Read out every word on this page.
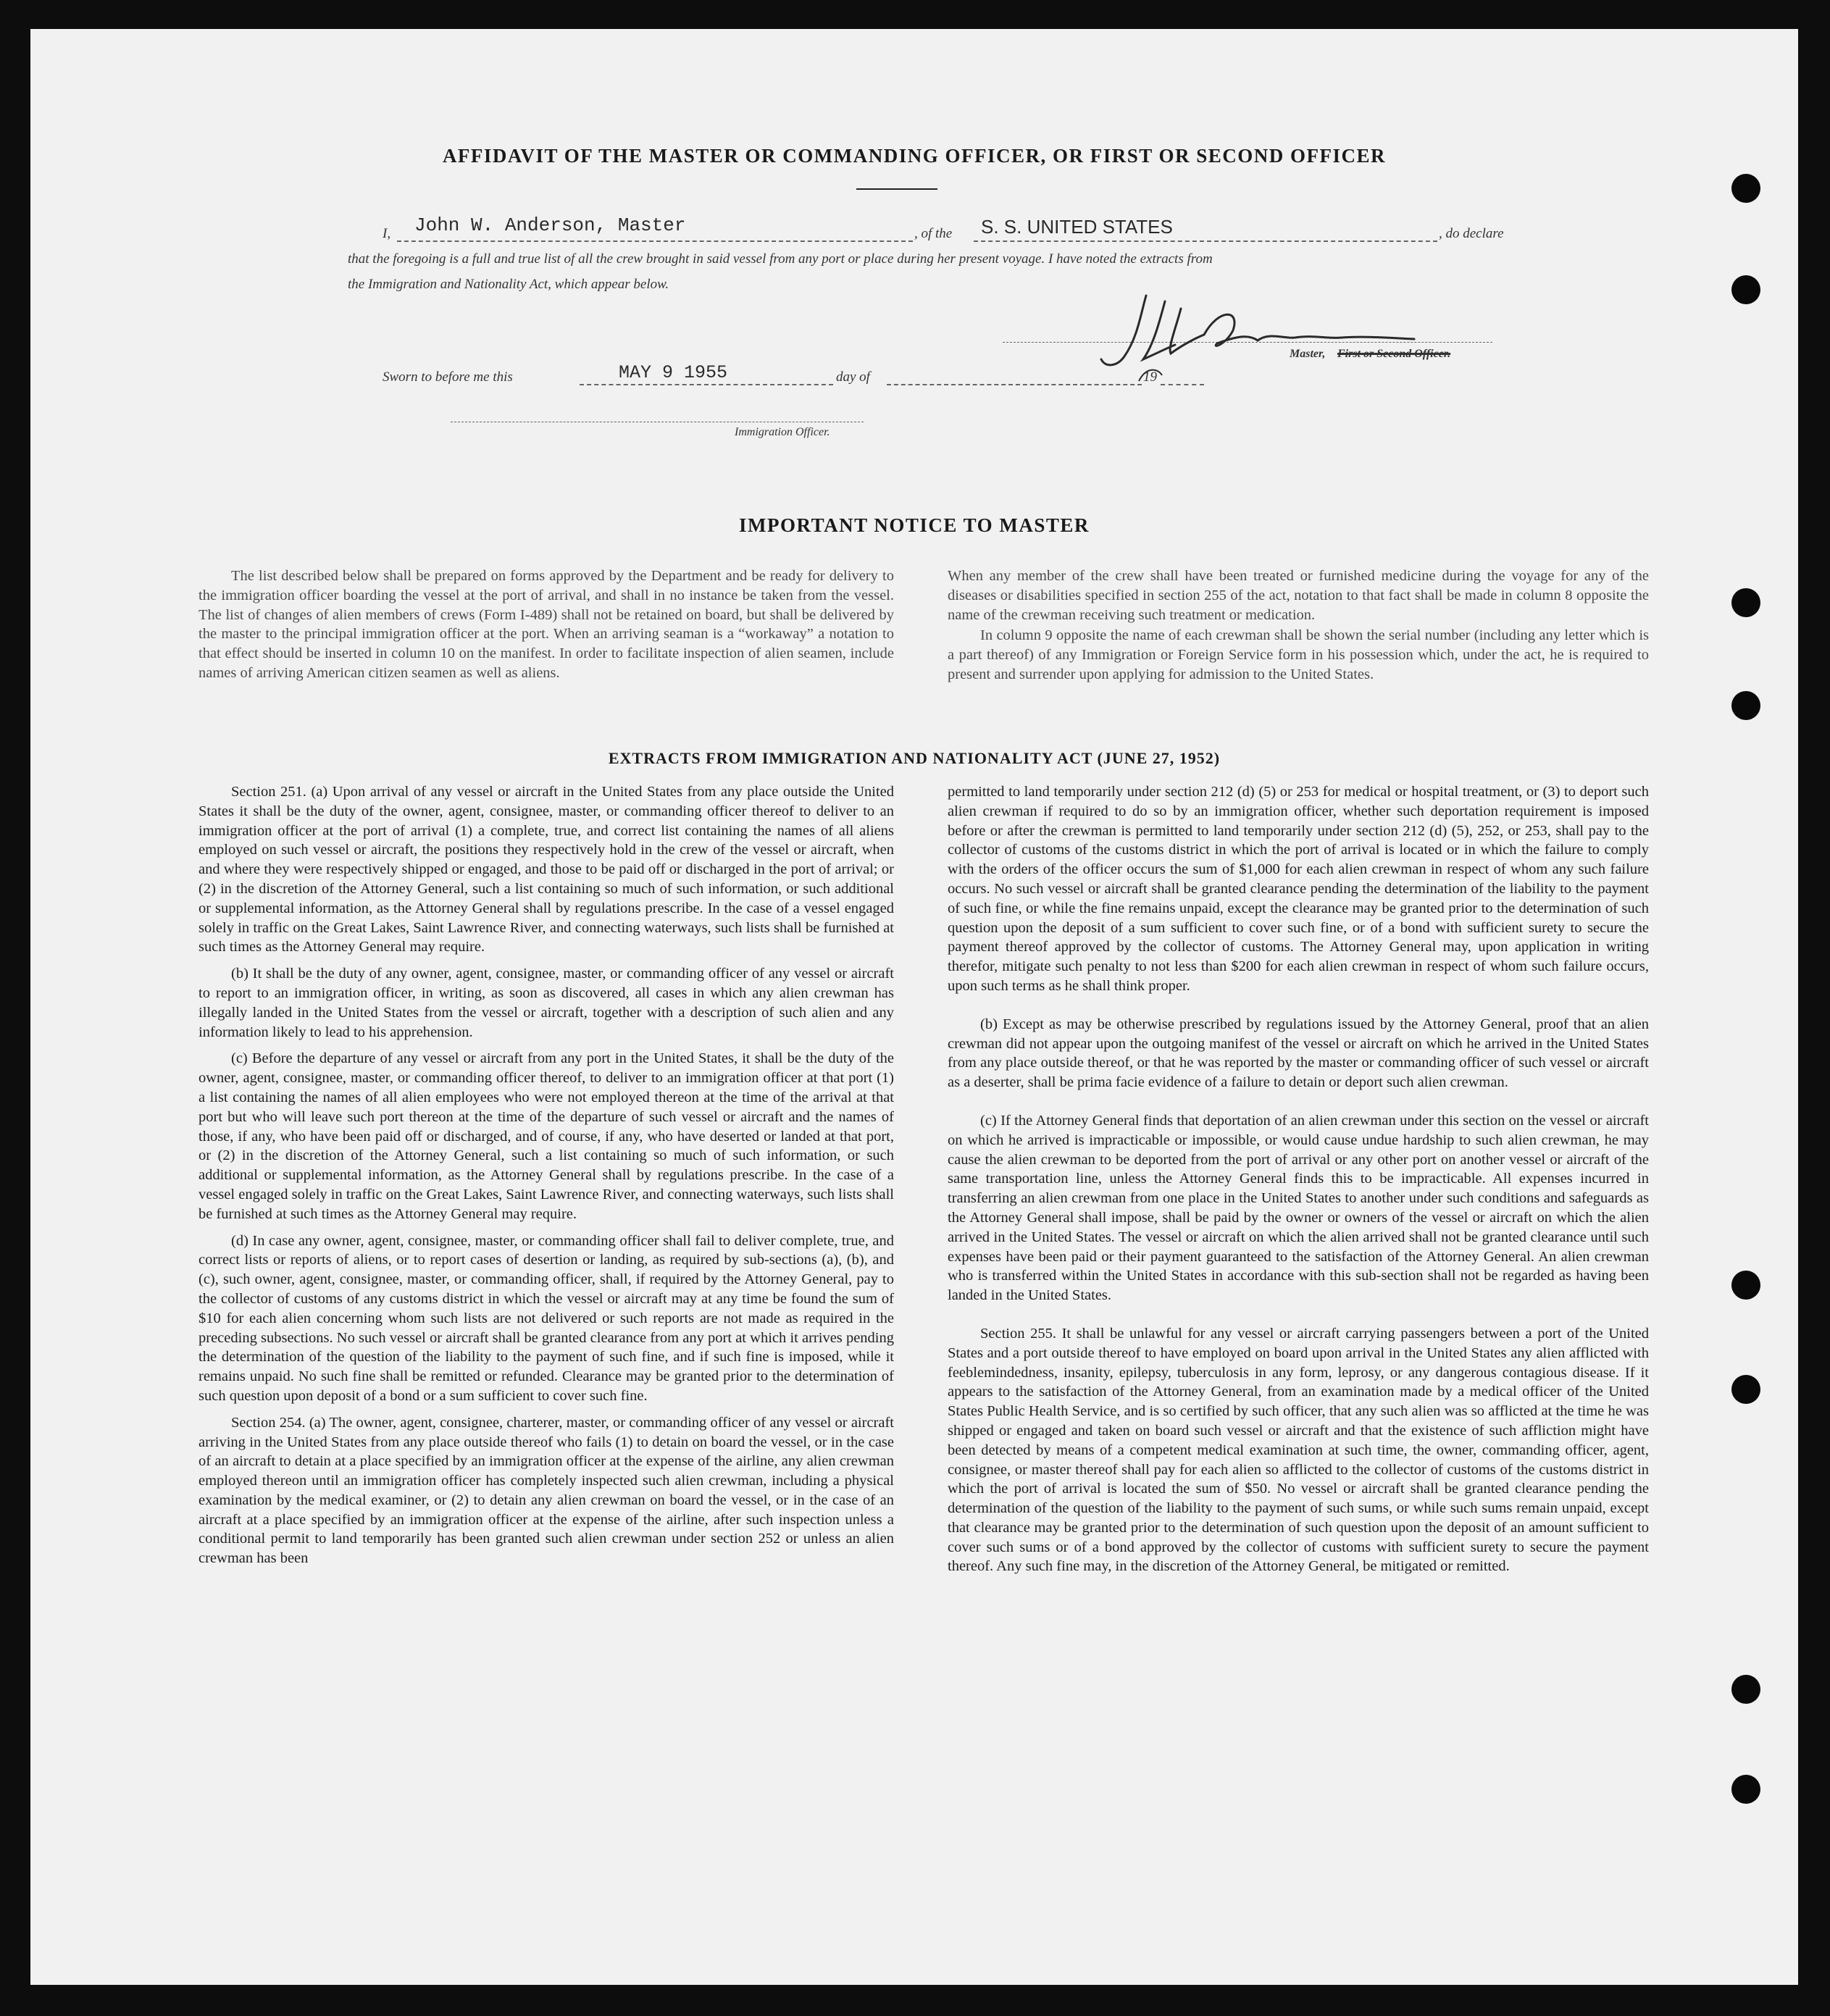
AFFIDAVIT OF THE MASTER OR COMMANDING OFFICER, OR FIRST OR SECOND OFFICER
I, John W. Anderson, Master	, of the S. S. UNITED STATES	, do declare
that the foregoing is a full and true list of all the crew brought in said vessel from any port or place during her present voyage. I have noted the extracts from
the Immigration and Nationality Act, which appear below.
Master, First or Second Officer.
Sworn to before me this	MAY 9 1955	day of	19
Immigration Officer.
IMPORTANT NOTICE TO MASTER

The list described below shall be prepared on forms approved by the Department and be ready for delivery to the immigration officer boarding the vessel at the port of arrival, and shall in no instance be taken from the vessel. The list of changes of alien members of crews (Form I-489) shall not be retained on board, but shall be delivered by the master to the principal immigration officer at the port. When an arriving seaman is a “workaway” a notation to that effect should be inserted in column 10 on the manifest. In order to facilitate inspection of alien seamen, include names of arriving American citizen seamen as well as aliens.

When any member of the crew shall have been treated or furnished medicine during the voyage for any of the diseases or disabilities specified in section 255 of the act, notation to that fact shall be made in column 8 opposite the name of the crewman receiving such treatment or medication.

In column 9 opposite the name of each crewman shall be shown the serial number (including any letter which is a part thereof) of any Immigration or Foreign Service form in his possession which, under the act, he is required to present and surrender upon applying for admission to the United States.

EXTRACTS FROM IMMIGRATION AND NATIONALITY ACT (JUNE 27, 1952)

Section 251. (a) Upon arrival of any vessel or aircraft in the United States from any place outside the United States it shall be the duty of the owner, agent, consignee, master, or commanding officer thereof to deliver to an immigration officer at the port of arrival (1) a complete, true, and correct list containing the names of all aliens employed on such vessel or aircraft, the positions they respectively hold in the crew of the vessel or aircraft, when and where they were respectively shipped or engaged, and those to be paid off or discharged in the port of arrival; or (2) in the discretion of the Attorney General, such a list containing so much of such information, or such additional or supplemental information, as the Attorney General shall by regulations prescribe. In the case of a vessel engaged solely in traffic on the Great Lakes, Saint Lawrence River, and connecting waterways, such lists shall be furnished at such times as the Attorney General may require.

(b) It shall be the duty of any owner, agent, consignee, master, or commanding officer of any vessel or aircraft to report to an immigration officer, in writing, as soon as discovered, all cases in which any alien crewman has illegally landed in the United States from the vessel or aircraft, together with a description of such alien and any information likely to lead to his apprehension.

(c) Before the departure of any vessel or aircraft from any port in the United States, it shall be the duty of the owner, agent, consignee, master, or commanding officer thereof, to deliver to an immigration officer at that port (1) a list containing the names of all alien employees who were not employed thereon at the time of the arrival at that port but who will leave such port thereon at the time of the departure of such vessel or aircraft and the names of those, if any, who have been paid off or discharged, and of course, if any, who have deserted or landed at that port, or (2) in the discretion of the Attorney General, such a list containing so much of such information, or such additional or supplemental information, as the Attorney General shall by regulations prescribe. In the case of a vessel engaged solely in traffic on the Great Lakes, Saint Lawrence River, and connecting waterways, such lists shall be furnished at such times as the Attorney General may require.

(d) In case any owner, agent, consignee, master, or commanding officer shall fail to deliver complete, true, and correct lists or reports of aliens, or to report cases of desertion or landing, as required by sub-sections (a), (b), and (c), such owner, agent, consignee, master, or commanding officer, shall, if required by the Attorney General, pay to the collector of customs of any customs district in which the vessel or aircraft may at any time be found the sum of $10 for each alien concerning whom such lists are not delivered or such reports are not made as required in the preceding subsections. No such vessel or aircraft shall be granted clearance from any port at which it arrives pending the determination of the question of the liability to the payment of such fine, and if such fine is imposed, while it remains unpaid. No such fine shall be remitted or refunded. Clearance may be granted prior to the determination of such question upon deposit of a bond or a sum sufficient to cover such fine.

Section 254. (a) The owner, agent, consignee, charterer, master, or commanding officer of any vessel or aircraft arriving in the United States from any place outside thereof who fails (1) to detain on board the vessel, or in the case of an aircraft to detain at a place specified by an immigration officer at the expense of the airline, any alien crewman employed thereon until an immigration officer has completely inspected such alien crewman, including a physical examination by the medical examiner, or (2) to detain any alien crewman on board the vessel, or in the case of an aircraft at a place specified by an immigration officer at the expense of the airline, after such inspection unless a conditional permit to land temporarily has been granted such alien crewman under section 252 or unless an alien crewman has been

permitted to land temporarily under section 212 (d) (5) or 253 for medical or hospital treatment, or (3) to deport such alien crewman if required to do so by an immigration officer, whether such deportation requirement is imposed before or after the crewman is permitted to land temporarily under section 212 (d) (5), 252, or 253, shall pay to the collector of customs of the customs district in which the port of arrival is located or in which the failure to comply with the orders of the officer occurs the sum of $1,000 for each alien crewman in respect of whom any such failure occurs. No such vessel or aircraft shall be granted clearance pending the determination of the liability to the payment of such fine, or while the fine remains unpaid, except the clearance may be granted prior to the determination of such question upon the deposit of a sum sufficient to cover such fine, or of a bond with sufficient surety to secure the payment thereof approved by the collector of customs. The Attorney General may, upon application in writing therefor, mitigate such penalty to not less than $200 for each alien crewman in respect of whom such failure occurs, upon such terms as he shall think proper.

(b) Except as may be otherwise prescribed by regulations issued by the Attorney General, proof that an alien crewman did not appear upon the outgoing manifest of the vessel or aircraft on which he arrived in the United States from any place outside thereof, or that he was reported by the master or commanding officer of such vessel or aircraft as a deserter, shall be prima facie evidence of a failure to detain or deport such alien crewman.

(c) If the Attorney General finds that deportation of an alien crewman under this section on the vessel or aircraft on which he arrived is impracticable or impossible, or would cause undue hardship to such alien crewman, he may cause the alien crewman to be deported from the port of arrival or any other port on another vessel or aircraft of the same transportation line, unless the Attorney General finds this to be impracticable. All expenses incurred in transferring an alien crewman from one place in the United States to another under such conditions and safeguards as the Attorney General shall impose, shall be paid by the owner or owners of the vessel or aircraft on which the alien arrived in the United States. The vessel or aircraft on which the alien arrived shall not be granted clearance until such expenses have been paid or their payment guaranteed to the satisfaction of the Attorney General. An alien crewman who is transferred within the United States in accordance with this sub-section shall not be regarded as having been landed in the United States.

Section 255. It shall be unlawful for any vessel or aircraft carrying passengers between a port of the United States and a port outside thereof to have employed on board upon arrival in the United States any alien afflicted with feeblemindedness, insanity, epilepsy, tuberculosis in any form, leprosy, or any dangerous contagious disease. If it appears to the satisfaction of the Attorney General, from an examination made by a medical officer of the United States Public Health Service, and is so certified by such officer, that any such alien was so afflicted at the time he was shipped or engaged and taken on board such vessel or aircraft and that the existence of such affliction might have been detected by means of a competent medical examination at such time, the owner, commanding officer, agent, consignee, or master thereof shall pay for each alien so afflicted to the collector of customs of the customs district in which the port of arrival is located the sum of $50. No vessel or aircraft shall be granted clearance pending the determination of the question of the liability to the payment of such sums, or while such sums remain unpaid, except that clearance may be granted prior to the determination of such question upon the deposit of an amount sufficient to cover such sums or of a bond approved by the collector of customs with sufficient surety to secure the payment thereof. Any such fine may, in the discretion of the Attorney General, be mitigated or remitted.
